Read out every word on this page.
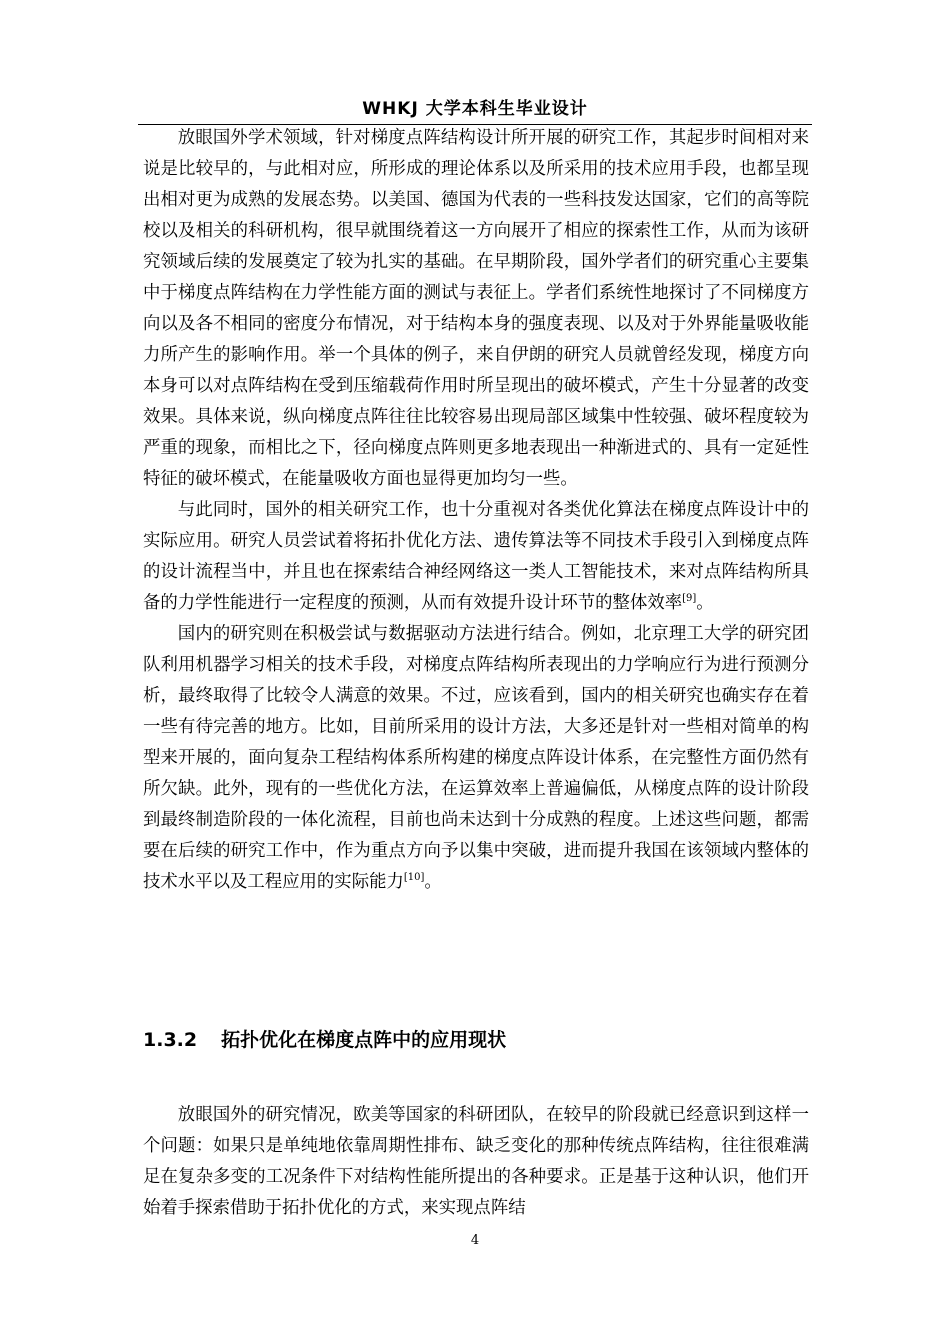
WHKJ 大学本科生毕业设计

放眼国外学术领域，针对梯度点阵结构设计所开展的研究工作，其起步时间相对来说是比较早的，与此相对应，所形成的理论体系以及所采用的技术应用手段，也都呈现出相对更为成熟的发展态势。以美国、德国为代表的一些科技发达国家，它们的高等院校以及相关的科研机构，很早就围绕着这一方向展开了相应的探索性工作，从而为该研究领域后续的发展奠定了较为扎实的基础。在早期阶段，国外学者们的研究重心主要集中于梯度点阵结构在力学性能方面的测试与表征上。学者们系统性地探讨了不同梯度方向以及各不相同的密度分布情况，对于结构本身的强度表现、以及对于外界能量吸收能力所产生的影响作用。举一个具体的例子，来自伊朗的研究人员就曾经发现，梯度方向本身可以对点阵结构在受到压缩载荷作用时所呈现出的破坏模式，产生十分显著的改变效果。具体来说，纵向梯度点阵往往比较容易出现局部区域集中性较强、破坏程度较为严重的现象，而相比之下，径向梯度点阵则更多地表现出一种渐进式的、具有一定延性特征的破坏模式，在能量吸收方面也显得更加均匀一些。

与此同时，国外的相关研究工作，也十分重视对各类优化算法在梯度点阵设计中的实际应用。研究人员尝试着将拓扑优化方法、遗传算法等不同技术手段引入到梯度点阵的设计流程当中，并且也在探索结合神经网络这一类人工智能技术，来对点阵结构所具备的力学性能进行一定程度的预测，从而有效提升设计环节的整体效率[9]。

国内的研究则在积极尝试与数据驱动方法进行结合。例如，北京理工大学的研究团队利用机器学习相关的技术手段，对梯度点阵结构所表现出的力学响应行为进行预测分析，最终取得了比较令人满意的效果。不过，应该看到，国内的相关研究也确实存在着一些有待完善的地方。比如，目前所采用的设计方法，大多还是针对一些相对简单的构型来开展的，面向复杂工程结构体系所构建的梯度点阵设计体系，在完整性方面仍然有所欠缺。此外，现有的一些优化方法，在运算效率上普遍偏低，从梯度点阵的设计阶段到最终制造阶段的一体化流程，目前也尚未达到十分成熟的程度。上述这些问题，都需要在后续的研究工作中，作为重点方向予以集中突破，进而提升我国在该领域内整体的技术水平以及工程应用的实际能力[10]。

1.3.2 拓扑优化在梯度点阵中的应用现状

放眼国外的研究情况，欧美等国家的科研团队，在较早的阶段就已经意识到这样一个问题：如果只是单纯地依靠周期性排布、缺乏变化的那种传统点阵结构，往往很难满足在复杂多变的工况条件下对结构性能所提出的各种要求。正是基于这种认识，他们开始着手探索借助于拓扑优化的方式，来实现点阵结

4
